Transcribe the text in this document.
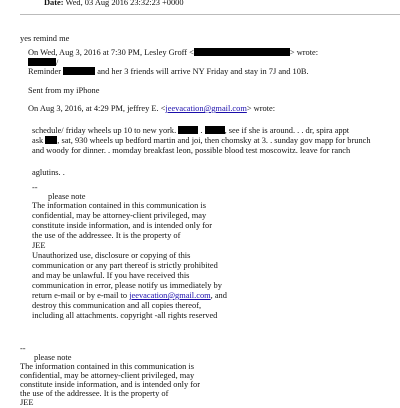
Date: Wed, 03 Aug 2016 23:32:23 +0000
yes remind me
On Wed, Aug 3, 2016 at 7:30 PM, Lesley Groff <	> wrote:
/
Reminder	and her 3 friends will arrive NY Friday and stay in 7J and 10B.
Sent from my iPhone
On Aug 3, 2016, at 4:29 PM, jeffrey E. <jeevacation@gmail.com> wrote:
schedule/ friday wheels up 10 to new york.	.	, see if she is around. . . dr, spira appt
ask , sat, 930 wheels up bedford martin and joi, then chomsky at 3. . sunday gov mapp for brunch
and woody for dinner. . momday breakfast leon, possible blood test moscowitz. leave for ranch
aglutins. .
--
please note
The information contained in this communication is
confidential, may be attorney-client privileged, may
constitute inside information, and is intended only for
the use of the addressee. It is the property of
JEE
Unauthorized use, disclosure or copying of this
communication or any part thereof is strictly prohibited
and may be unlawful. If you have received this
communication in error, please notify us immediately by
return e-mail or by e-mail to jeevacation@gmail.com, and
destroy this communication and all copies thereof,
including all attachments. copyright -all rights reserved
--
please note
The information contained in this communication is
confidential, may be attorney-client privileged, may
constitute inside information, and is intended only for
the use of the addressee. It is the property of
JEE
